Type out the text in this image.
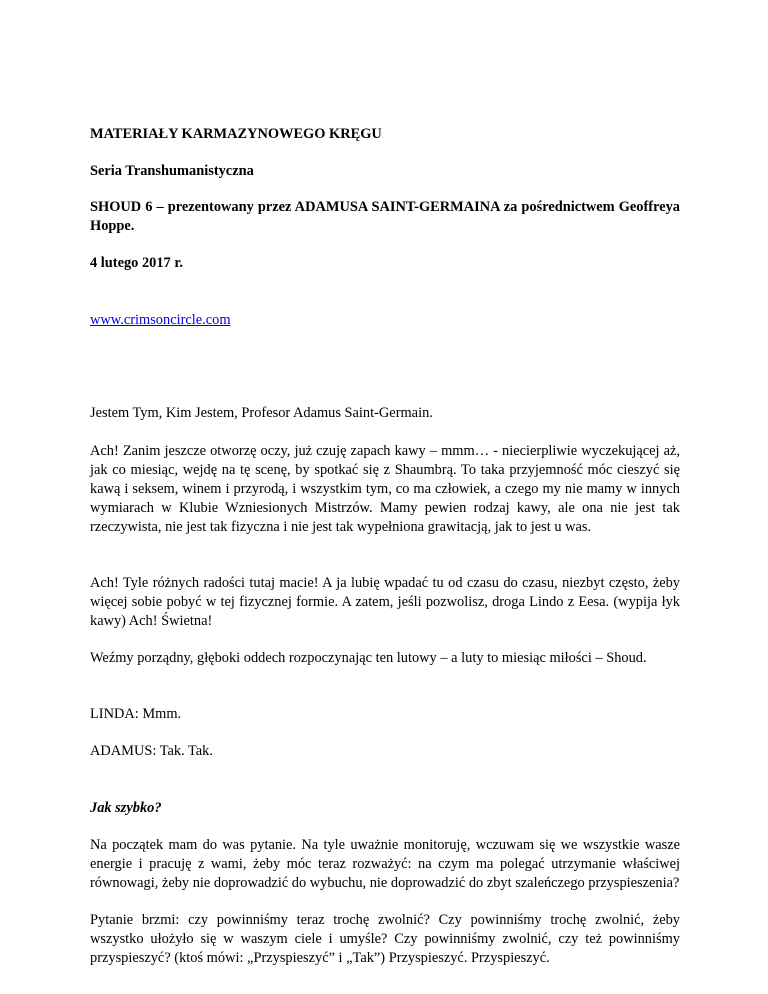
MATERIAŁY KARMAZYNOWEGO KRĘGU

Seria Transhumanistyczna

SHOUD 6 – prezentowany przez ADAMUSA SAINT-GERMAINA za pośrednictwem Geoffreya Hoppe.

4 lutego 2017 r.

www.crimsoncircle.com

Jestem Tym, Kim Jestem, Profesor Adamus Saint-Germain.

Ach! Zanim jeszcze otworzę oczy, już czuję zapach kawy – mmm… - niecierpliwie wyczekującej aż, jak co miesiąc, wejdę na tę scenę, by spotkać się z Shaumbrą. To taka przyjemność móc cieszyć się kawą i seksem, winem i przyrodą, i wszystkim tym, co ma człowiek, a czego my nie mamy w innych wymiarach w Klubie Wzniesionych Mistrzów. Mamy pewien rodzaj kawy, ale ona nie jest tak rzeczywista, nie jest tak fizyczna i nie jest tak wypełniona grawitacją, jak to jest u was.

Ach! Tyle różnych radości tutaj macie! A ja lubię wpadać tu od czasu do czasu, niezbyt często, żeby więcej sobie pobyć w tej fizycznej formie. A zatem, jeśli pozwolisz, droga Lindo z Eesa. (wypija łyk kawy) Ach! Świetna!

Weźmy porządny, głęboki oddech rozpoczynając ten lutowy – a luty to miesiąc miłości – Shoud.

LINDA: Mmm.

ADAMUS: Tak. Tak.

Jak szybko?

Na początek mam do was pytanie. Na tyle uważnie monitoruję, wczuwam się we wszystkie wasze energie i pracuję z wami, żeby móc teraz rozważyć: na czym ma polegać utrzymanie właściwej równowagi, żeby nie doprowadzić do wybuchu, nie doprowadzić do zbyt szaleńczego przyspieszenia?

Pytanie brzmi: czy powinniśmy teraz trochę zwolnić? Czy powinniśmy trochę zwolnić, żeby wszystko ułożyło się w waszym ciele i umyśle? Czy powinniśmy zwolnić, czy też powinniśmy przyspieszyć? (ktoś mówi: „Przyspieszyć” i „Tak”) Przyspieszyć. Przyspieszyć.
